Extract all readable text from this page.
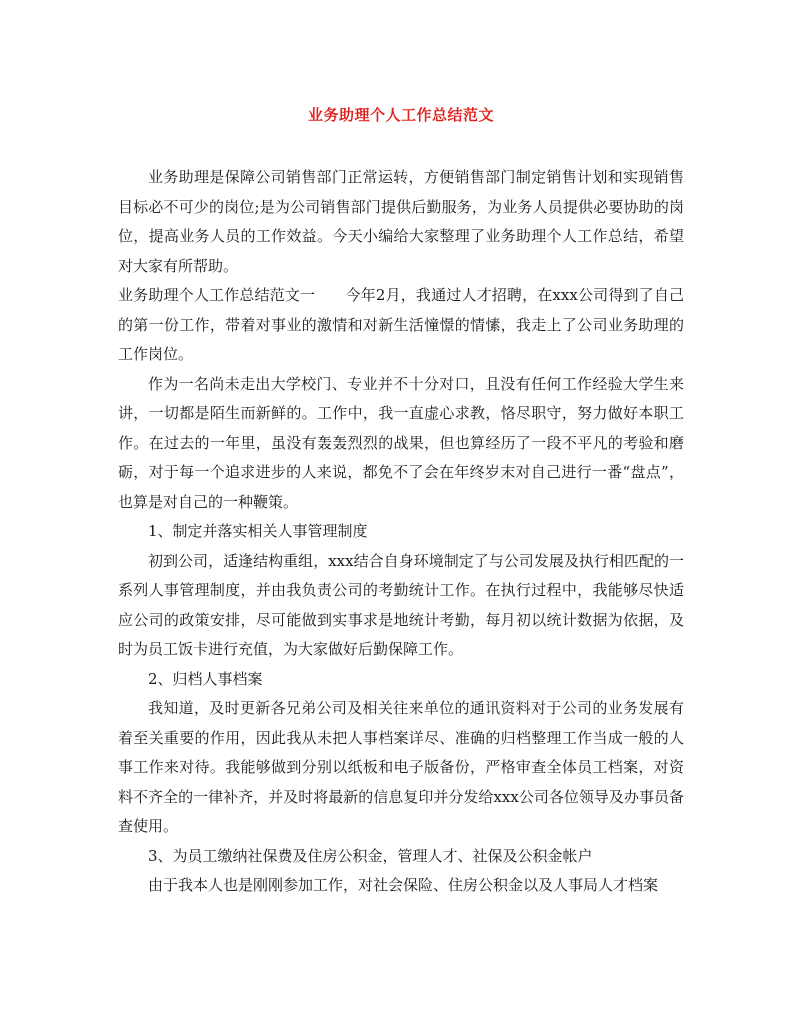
业务助理个人工作总结范文

业务助理是保障公司销售部门正常运转，方便销售部门制定销售计划和实现销售目标必不可少的岗位;是为公司销售部门提供后勤服务，为业务人员提供必要协助的岗位，提高业务人员的工作效益。今天小编给大家整理了业务助理个人工作总结，希望对大家有所帮助。

业务助理个人工作总结范文一　　今年2月，我通过人才招聘，在xxx公司得到了自己的第一份工作，带着对事业的激情和对新生活憧憬的情愫，我走上了公司业务助理的工作岗位。

作为一名尚未走出大学校门、专业并不十分对口，且没有任何工作经验大学生来讲，一切都是陌生而新鲜的。工作中，我一直虚心求教，恪尽职守，努力做好本职工作。在过去的一年里，虽没有轰轰烈烈的战果，但也算经历了一段不平凡的考验和磨砺，对于每一个追求进步的人来说，都免不了会在年终岁末对自己进行一番“盘点”，也算是对自己的一种鞭策。

1、制定并落实相关人事管理制度

初到公司，适逢结构重组，xxx结合自身环境制定了与公司发展及执行相匹配的一系列人事管理制度，并由我负责公司的考勤统计工作。在执行过程中，我能够尽快适应公司的政策安排，尽可能做到实事求是地统计考勤，每月初以统计数据为依据，及时为员工饭卡进行充值，为大家做好后勤保障工作。

2、归档人事档案

我知道，及时更新各兄弟公司及相关往来单位的通讯资料对于公司的业务发展有着至关重要的作用，因此我从未把人事档案详尽、准确的归档整理工作当成一般的人事工作来对待。我能够做到分别以纸板和电子版备份，严格审查全体员工档案，对资料不齐全的一律补齐，并及时将最新的信息复印并分发给xxx公司各位领导及办事员备查使用。

3、为员工缴纳社保费及住房公积金，管理人才、社保及公积金帐户

由于我本人也是刚刚参加工作，对社会保险、住房公积金以及人事局人才档案
